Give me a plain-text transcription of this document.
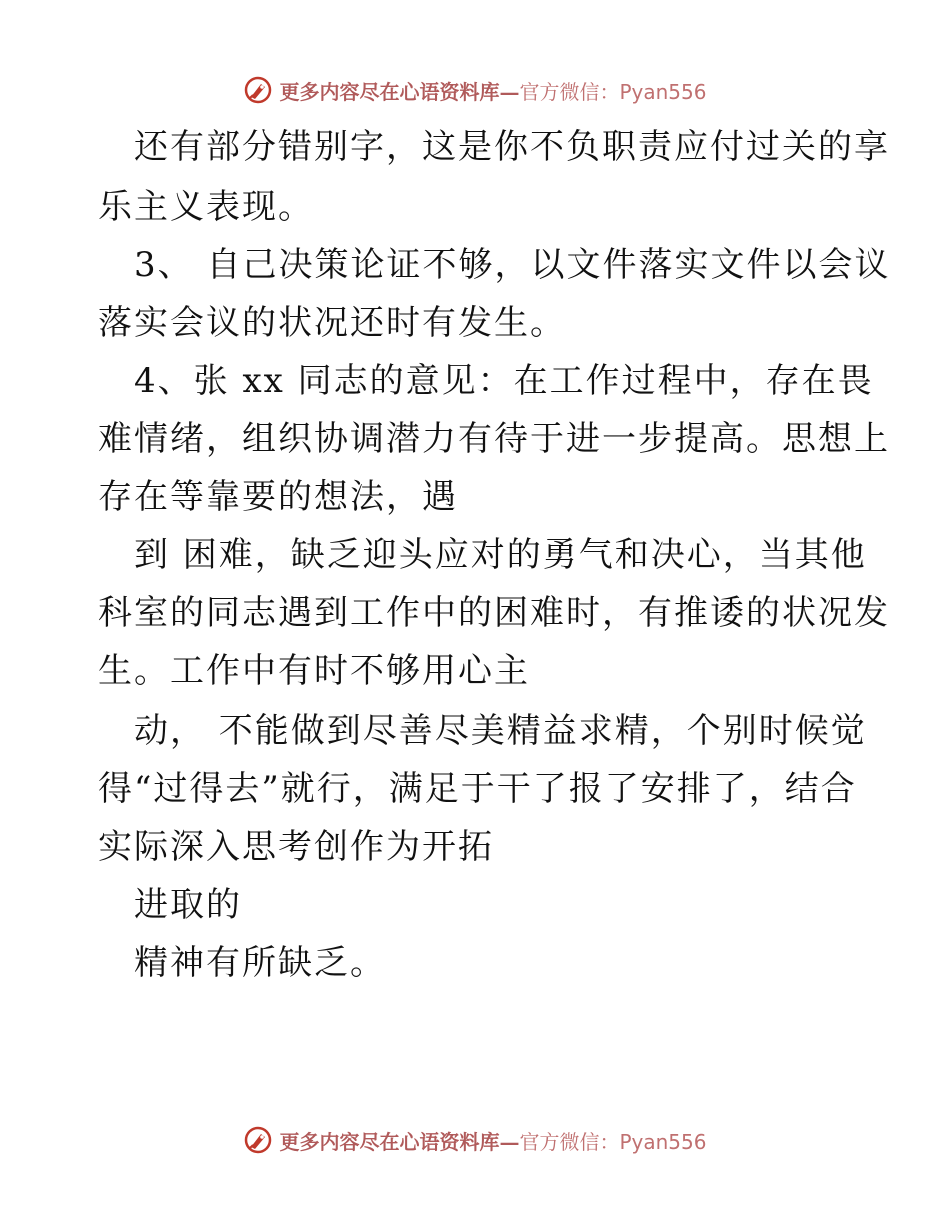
更多内容尽在心语资料库— 官方微信：Pyan556
还有部分错别字，这是你不负职责应付过关的享
乐主义表现。
3、 自己决策论证不够，以文件落实文件以会议
落实会议的状况还时有发生。
4、张 xx 同志的意见：在工作过程中，存在畏
难情绪，组织协调潜力有待于进一步提高。思想上
存在等靠要的想法，遇
到 困难，缺乏迎头应对的勇气和决心，当其他
科室的同志遇到工作中的困难时，有推诿的状况发
生。工作中有时不够用心主
动， 不能做到尽善尽美精益求精，个别时候觉
得“过得去”就行，满足于干了报了安排了，结合
实际深入思考创作为开拓
进取的
精神有所缺乏。
更多内容尽在心语资料库— 官方微信：Pyan556
